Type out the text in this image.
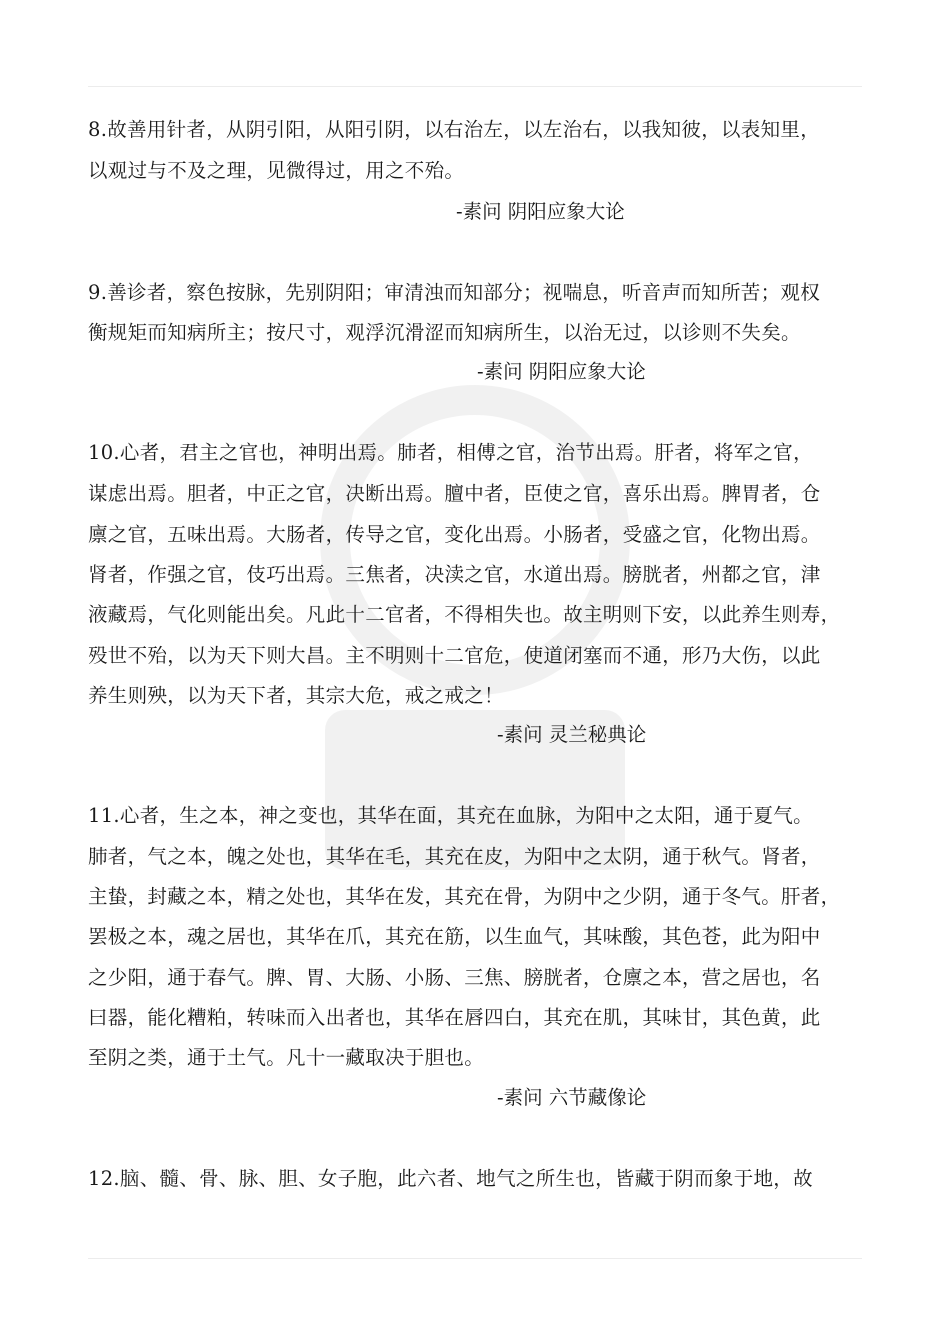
8.故善用针者，从阴引阳，从阳引阴，以右治左，以左治右，以我知彼，以表知里，
以观过与不及之理，见微得过，用之不殆。
-素问 阴阳应象大论
9.善诊者，察色按脉，先别阴阳；审清浊而知部分；视喘息，听音声而知所苦；观权
衡规矩而知病所主；按尺寸，观浮沉滑涩而知病所生，以治无过，以诊则不失矣。
-素问 阴阳应象大论
10.心者，君主之官也，神明出焉。肺者，相傅之官，治节出焉。肝者，将军之官，
谋虑出焉。胆者，中正之官，决断出焉。膻中者，臣使之官，喜乐出焉。脾胃者，仓
廪之官，五味出焉。大肠者，传导之官，变化出焉。小肠者，受盛之官，化物出焉。
肾者，作强之官，伎巧出焉。三焦者，决渎之官，水道出焉。膀胱者，州都之官，津
液藏焉，气化则能出矣。凡此十二官者，不得相失也。故主明则下安，以此养生则寿，
殁世不殆，以为天下则大昌。主不明则十二官危，使道闭塞而不通，形乃大伤，以此
养生则殃，以为天下者，其宗大危，戒之戒之！
-素问 灵兰秘典论
11.心者，生之本，神之变也，其华在面，其充在血脉，为阳中之太阳，通于夏气。
肺者，气之本，魄之处也，其华在毛，其充在皮，为阳中之太阴，通于秋气。肾者，
主蛰，封藏之本，精之处也，其华在发，其充在骨，为阴中之少阴，通于冬气。肝者，
罢极之本，魂之居也，其华在爪，其充在筋，以生血气，其味酸，其色苍，此为阳中
之少阳，通于春气。脾、胃、大肠、小肠、三焦、膀胱者，仓廪之本，营之居也，名
曰器，能化糟粕，转味而入出者也，其华在唇四白，其充在肌，其味甘，其色黄，此
至阴之类，通于土气。凡十一藏取决于胆也。
-素问 六节藏像论
12.脑、髓、骨、脉、胆、女子胞，此六者、地气之所生也，皆藏于阴而象于地，故
